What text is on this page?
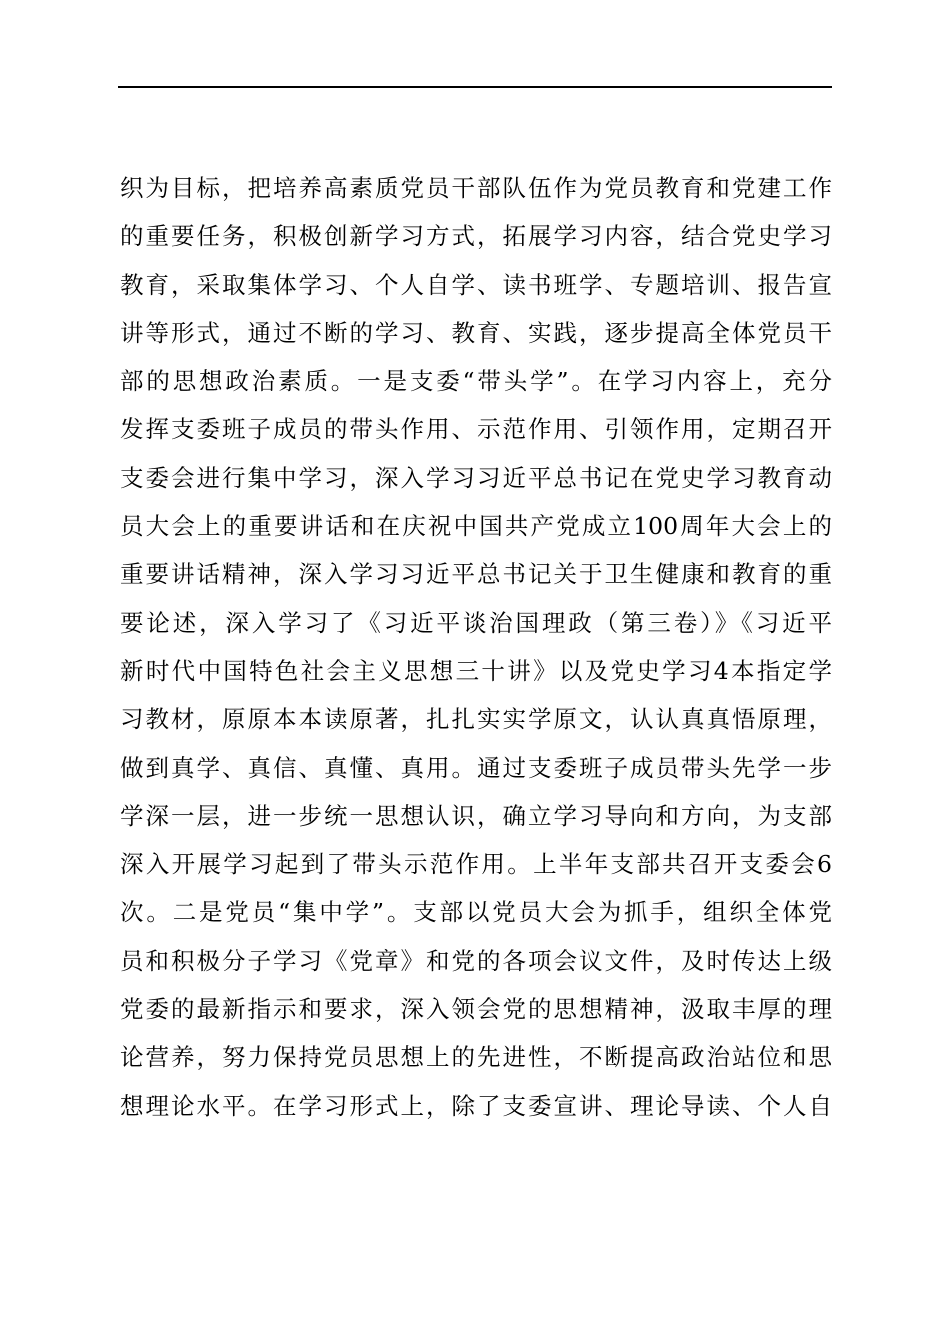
织为目标，把培养高素质党员干部队伍作为党员教育和党建工作
的重要任务，积极创新学习方式，拓展学习内容，结合党史学习
教育，采取集体学习、个人自学、读书班学、专题培训、报告宣
讲等形式，通过不断的学习、教育、实践，逐步提高全体党员干
部的思想政治素质。一是支委“带头学”。在学习内容上，充分
发挥支委班子成员的带头作用、示范作用、引领作用，定期召开
支委会进行集中学习，深入学习习近平总书记在党史学习教育动
员大会上的重要讲话和在庆祝中国共产党成立100周年大会上的
重要讲话精神，深入学习习近平总书记关于卫生健康和教育的重
要论述，深入学习了《习近平谈治国理政（第三卷）》《习近平
新时代中国特色社会主义思想三十讲》以及党史学习4本指定学
习教材，原原本本读原著，扎扎实实学原文，认认真真悟原理，
做到真学、真信、真懂、真用。通过支委班子成员带头先学一步
学深一层，进一步统一思想认识，确立学习导向和方向，为支部
深入开展学习起到了带头示范作用。上半年支部共召开支委会6
次。二是党员“集中学”。支部以党员大会为抓手，组织全体党
员和积极分子学习《党章》和党的各项会议文件，及时传达上级
党委的最新指示和要求，深入领会党的思想精神，汲取丰厚的理
论营养，努力保持党员思想上的先进性，不断提高政治站位和思
想理论水平。在学习形式上，除了支委宣讲、理论导读、个人自
